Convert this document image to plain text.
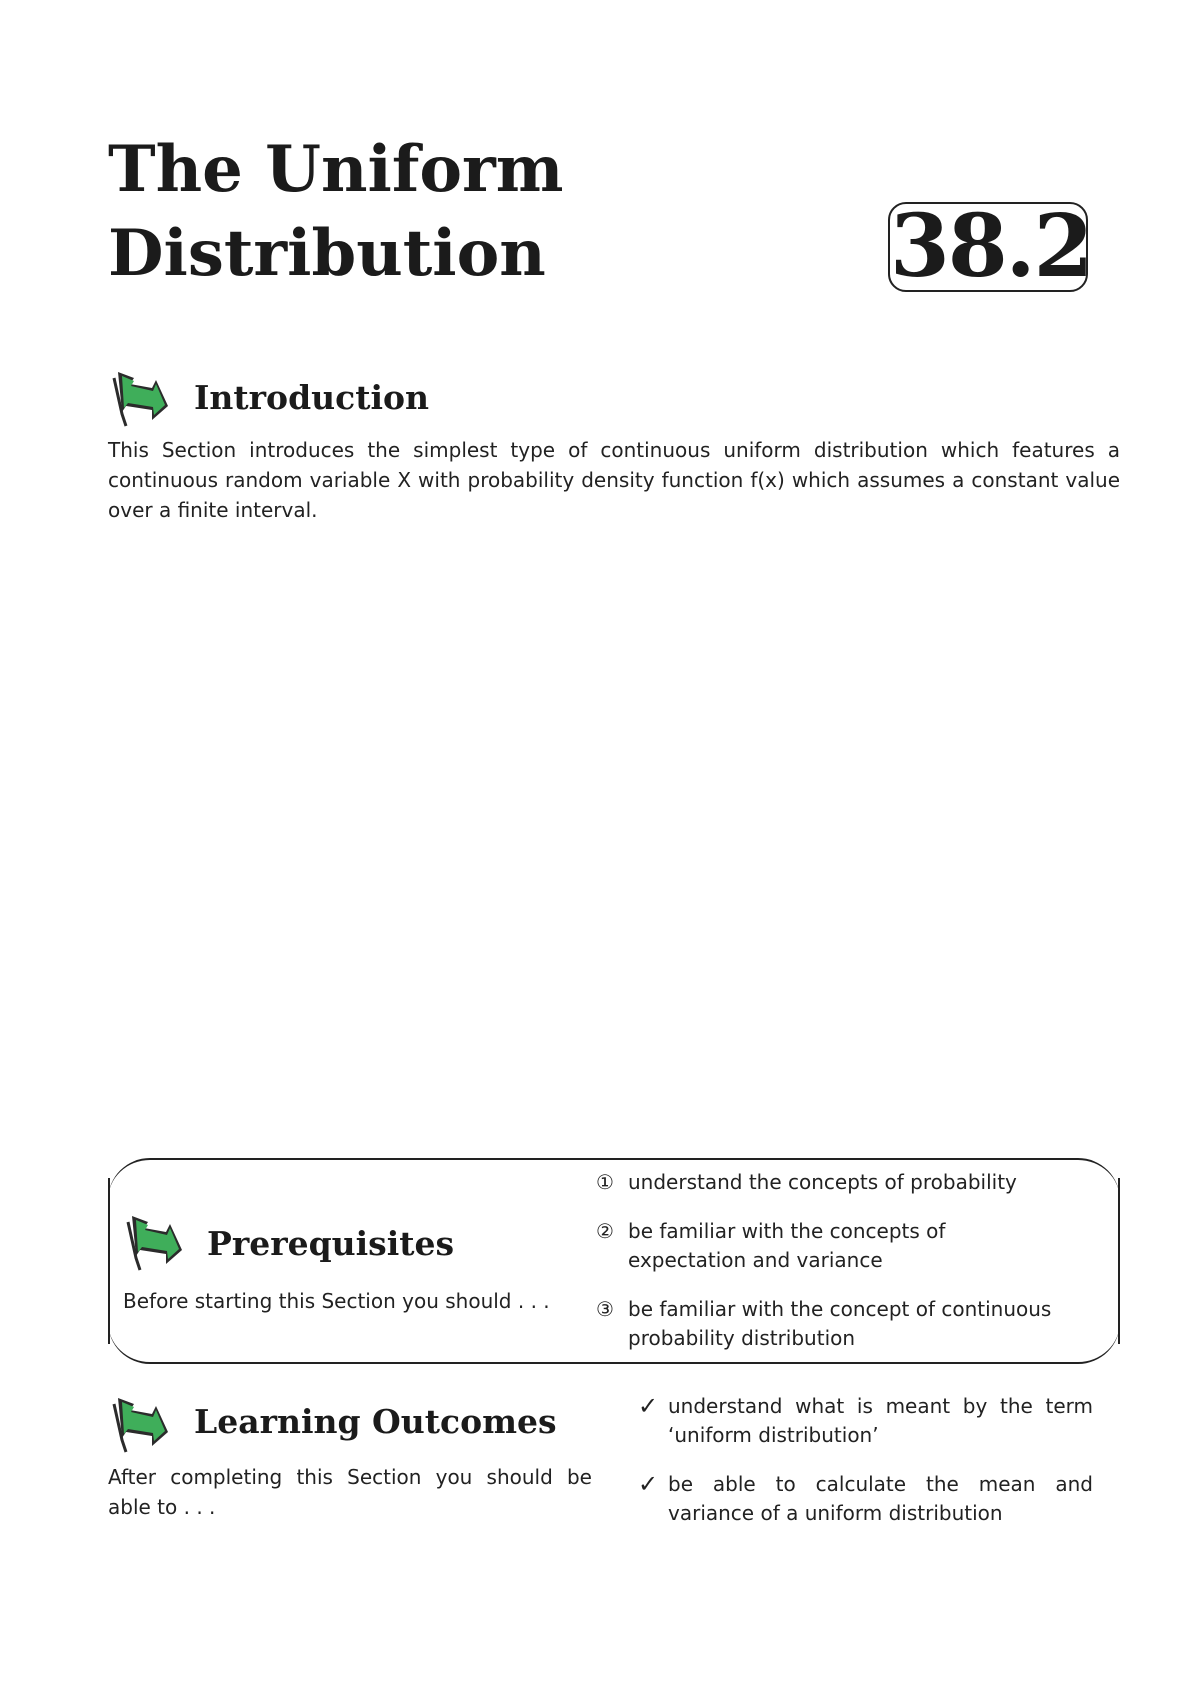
The Uniform
Distribution	38.2
Introduction
This Section introduces the simplest type of continuous uniform distribution which features a continuous random variable X with probability density function f(x) which assumes a constant value over a finite interval.
Prerequisites
Before starting this Section you should . . .
① understand the concepts of probability
② be familiar with the concepts of expectation and variance
③ be familiar with the concept of continuous probability distribution
Learning Outcomes
After completing this Section you should be able to . . .
✓ understand what is meant by the term ‘uniform distribution’
✓ be able to calculate the mean and variance of a uniform distribution
